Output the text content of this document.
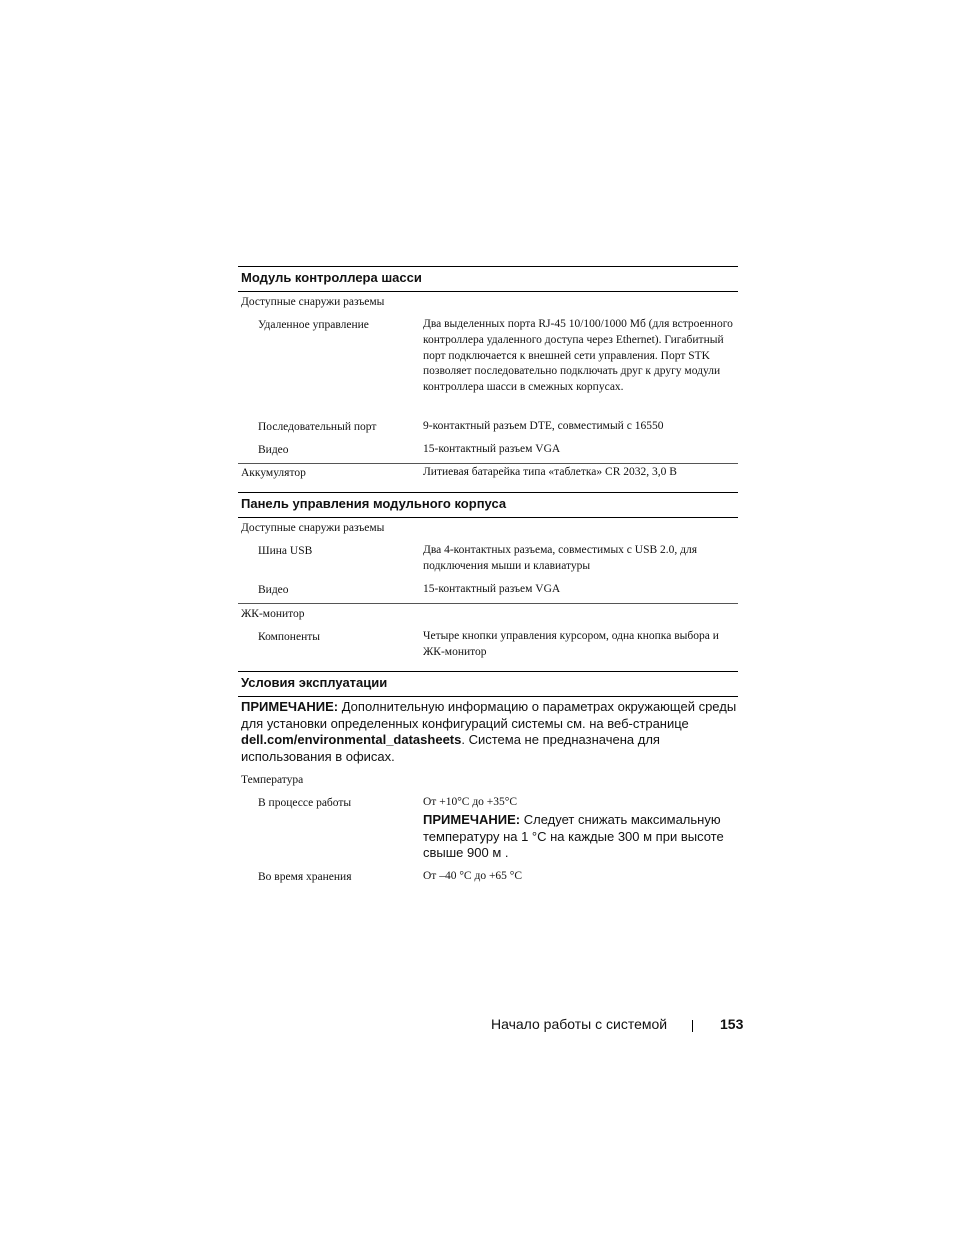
Модуль контроллера шасси
Доступные снаружи разъемы
Удаленное управление	Два выделенных порта RJ-45 10/100/1000 Мб (для встроенного контроллера удаленного доступа через Ethernet). Гигабитный порт подключается к внешней сети управления. Порт STK позволяет последовательно подключать друг к другу модули контроллера шасси в смежных корпусах.
Последовательный порт	9-контактный разъем DTE, совместимый с 16550
Видео	15-контактный разъем VGA
Аккумулятор	Литиевая батарейка типа «таблетка» CR 2032, 3,0 В
Панель управления модульного корпуса
Доступные снаружи разъемы
Шина USB	Два 4-контактных разъема, совместимых с USB 2.0, для подключения мыши и клавиатуры
Видео	15-контактный разъем VGA
ЖК-монитор
Компоненты	Четыре кнопки управления курсором, одна кнопка выбора и ЖК-монитор
Условия эксплуатации
ПРИМЕЧАНИЕ: Дополнительную информацию о параметрах окружающей среды для установки определенных конфигураций системы см. на веб-странице dell.com/environmental_datasheets. Система не предназначена для использования в офисах.
Температура
В процессе работы	От +10°C до +35°C
ПРИМЕЧАНИЕ: Следует снижать максимальную температуру на 1 °C на каждые 300 м при высоте свыше 900 м .
Во время хранения	От –40 °C до +65 °C
Начало работы с системой	153
